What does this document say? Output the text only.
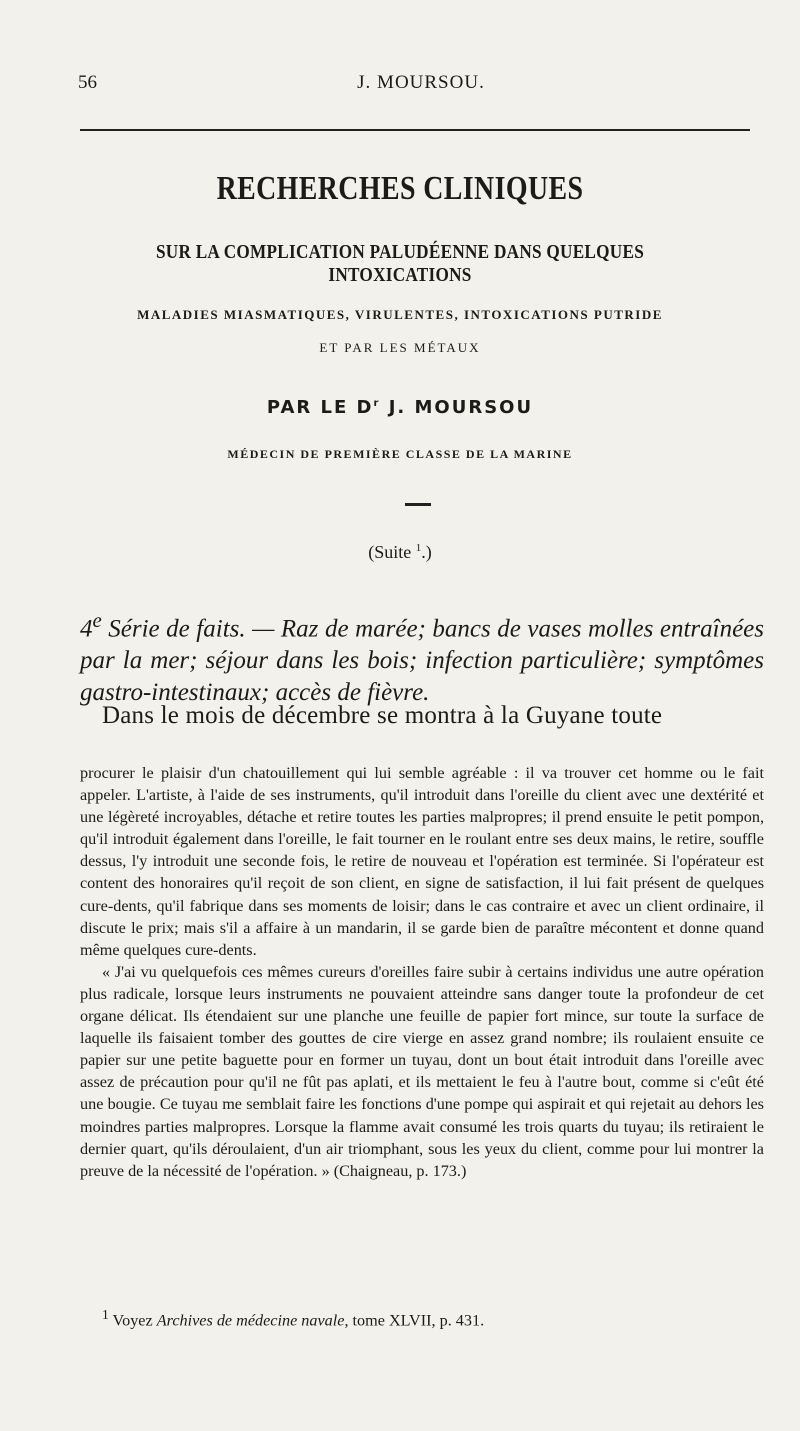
56	J. MOURSOU.
RECHERCHES CLINIQUES
SUR LA COMPLICATION PALUDÉENNE DANS QUELQUES INTOXICATIONS
MALADIES MIASMATIQUES, VIRULENTES, INTOXICATIONS PUTRIDE
ET PAR LES MÉTAUX
PAR LE $D^r$ J. MOURSOU
MÉDECIN DE PREMIÈRE CLASSE DE LA MARINE
(Suite $^1$.)
4e Série de faits. — Raz de marée; bancs de vases molles entraînées par la mer; séjour dans les bois; infection particulière; symptômes gastro-intestinaux; accès de fièvre.
Dans le mois de décembre se montra à la Guyane toute

procurer le plaisir d'un chatouillement qui lui semble agréable : il va trouver cet homme ou le fait appeler. L'artiste, à l'aide de ses instruments, qu'il introduit dans l'oreille du client avec une dextérité et une légèreté incroyables, détache et retire toutes les parties malpropres; il prend ensuite le petit pompon, qu'il introduit également dans l'oreille, le fait tourner en le roulant entre ses deux mains, le retire, souffle dessus, l'y introduit une seconde fois, le retire de nouveau et l'opération est terminée. Si l'opérateur est content des honoraires qu'il reçoit de son client, en signe de satisfaction, il lui fait présent de quelques cure-dents, qu'il fabrique dans ses moments de loisir; dans le cas contraire et avec un client ordinaire, il discute le prix; mais s'il a affaire à un mandarin, il se garde bien de paraître mécontent et donne quand même quelques cure-dents.

« J'ai vu quelquefois ces mêmes cureurs d'oreilles faire subir à certains individus une autre opération plus radicale, lorsque leurs instruments ne pouvaient atteindre sans danger toute la profondeur de cet organe délicat. Ils étendaient sur une planche une feuille de papier fort mince, sur toute la surface de laquelle ils faisaient tomber des gouttes de cire vierge en assez grand nombre; ils roulaient ensuite ce papier sur une petite baguette pour en former un tuyau, dont un bout était introduit dans l'oreille avec assez de précaution pour qu'il ne fût pas aplati, et ils mettaient le feu à l'autre bout, comme si c'eût été une bougie. Ce tuyau me semblait faire les fonctions d'une pompe qui aspirait et qui rejetait au dehors les moindres parties malpropres. Lorsque la flamme avait consumé les trois quarts du tuyau; ils retiraient le dernier quart, qu'ils déroulaient, d'un air triomphant, sous les yeux du client, comme pour lui montrer la preuve de la nécessité de l'opération. » (Chaigneau, p. 173.)

$^1$ Voyez Archives de médecine navale, tome XLVII, p. 431.
